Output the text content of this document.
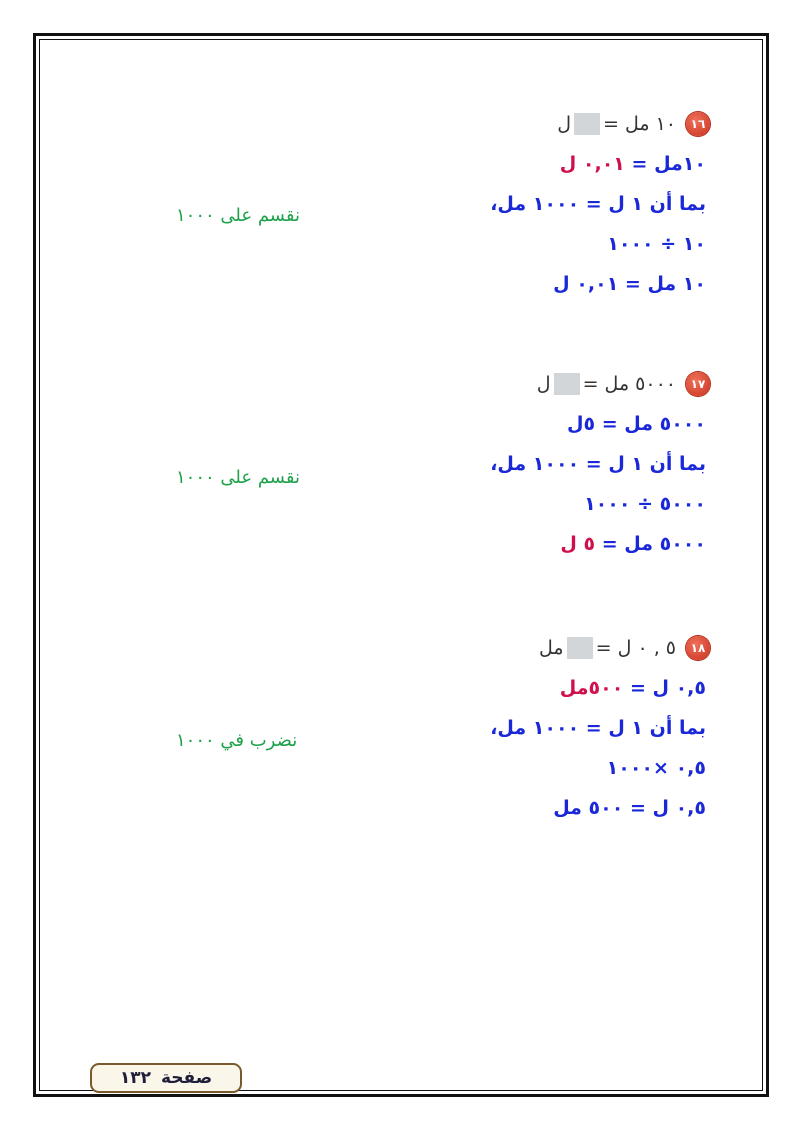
١٦
١٠ مل =ل
١٠مل = ٠,٠١ ل
بما أن ١ ل = ١٠٠٠ مل،
١٠ ÷ ١٠٠٠
١٠ مل = ٠,٠١ ل
نقسم على ١٠٠٠
١٧
٥٠٠٠ مل =ل
٥٠٠٠ مل = ٥ل
بما أن ١ ل = ١٠٠٠ مل،
٥٠٠٠ ÷ ١٠٠٠
٥٠٠٠ مل = ٥ ل
نقسم على ١٠٠٠
١٨
٥ , ٠ ل =مل
٠,٥ ل = ٥٠٠مل
بما أن ١ ل = ١٠٠٠ مل،
٠,٥ ×١٠٠٠
٠,٥ ل = ٥٠٠ مل
نضرب في ١٠٠٠
صفحة
١٣٢
